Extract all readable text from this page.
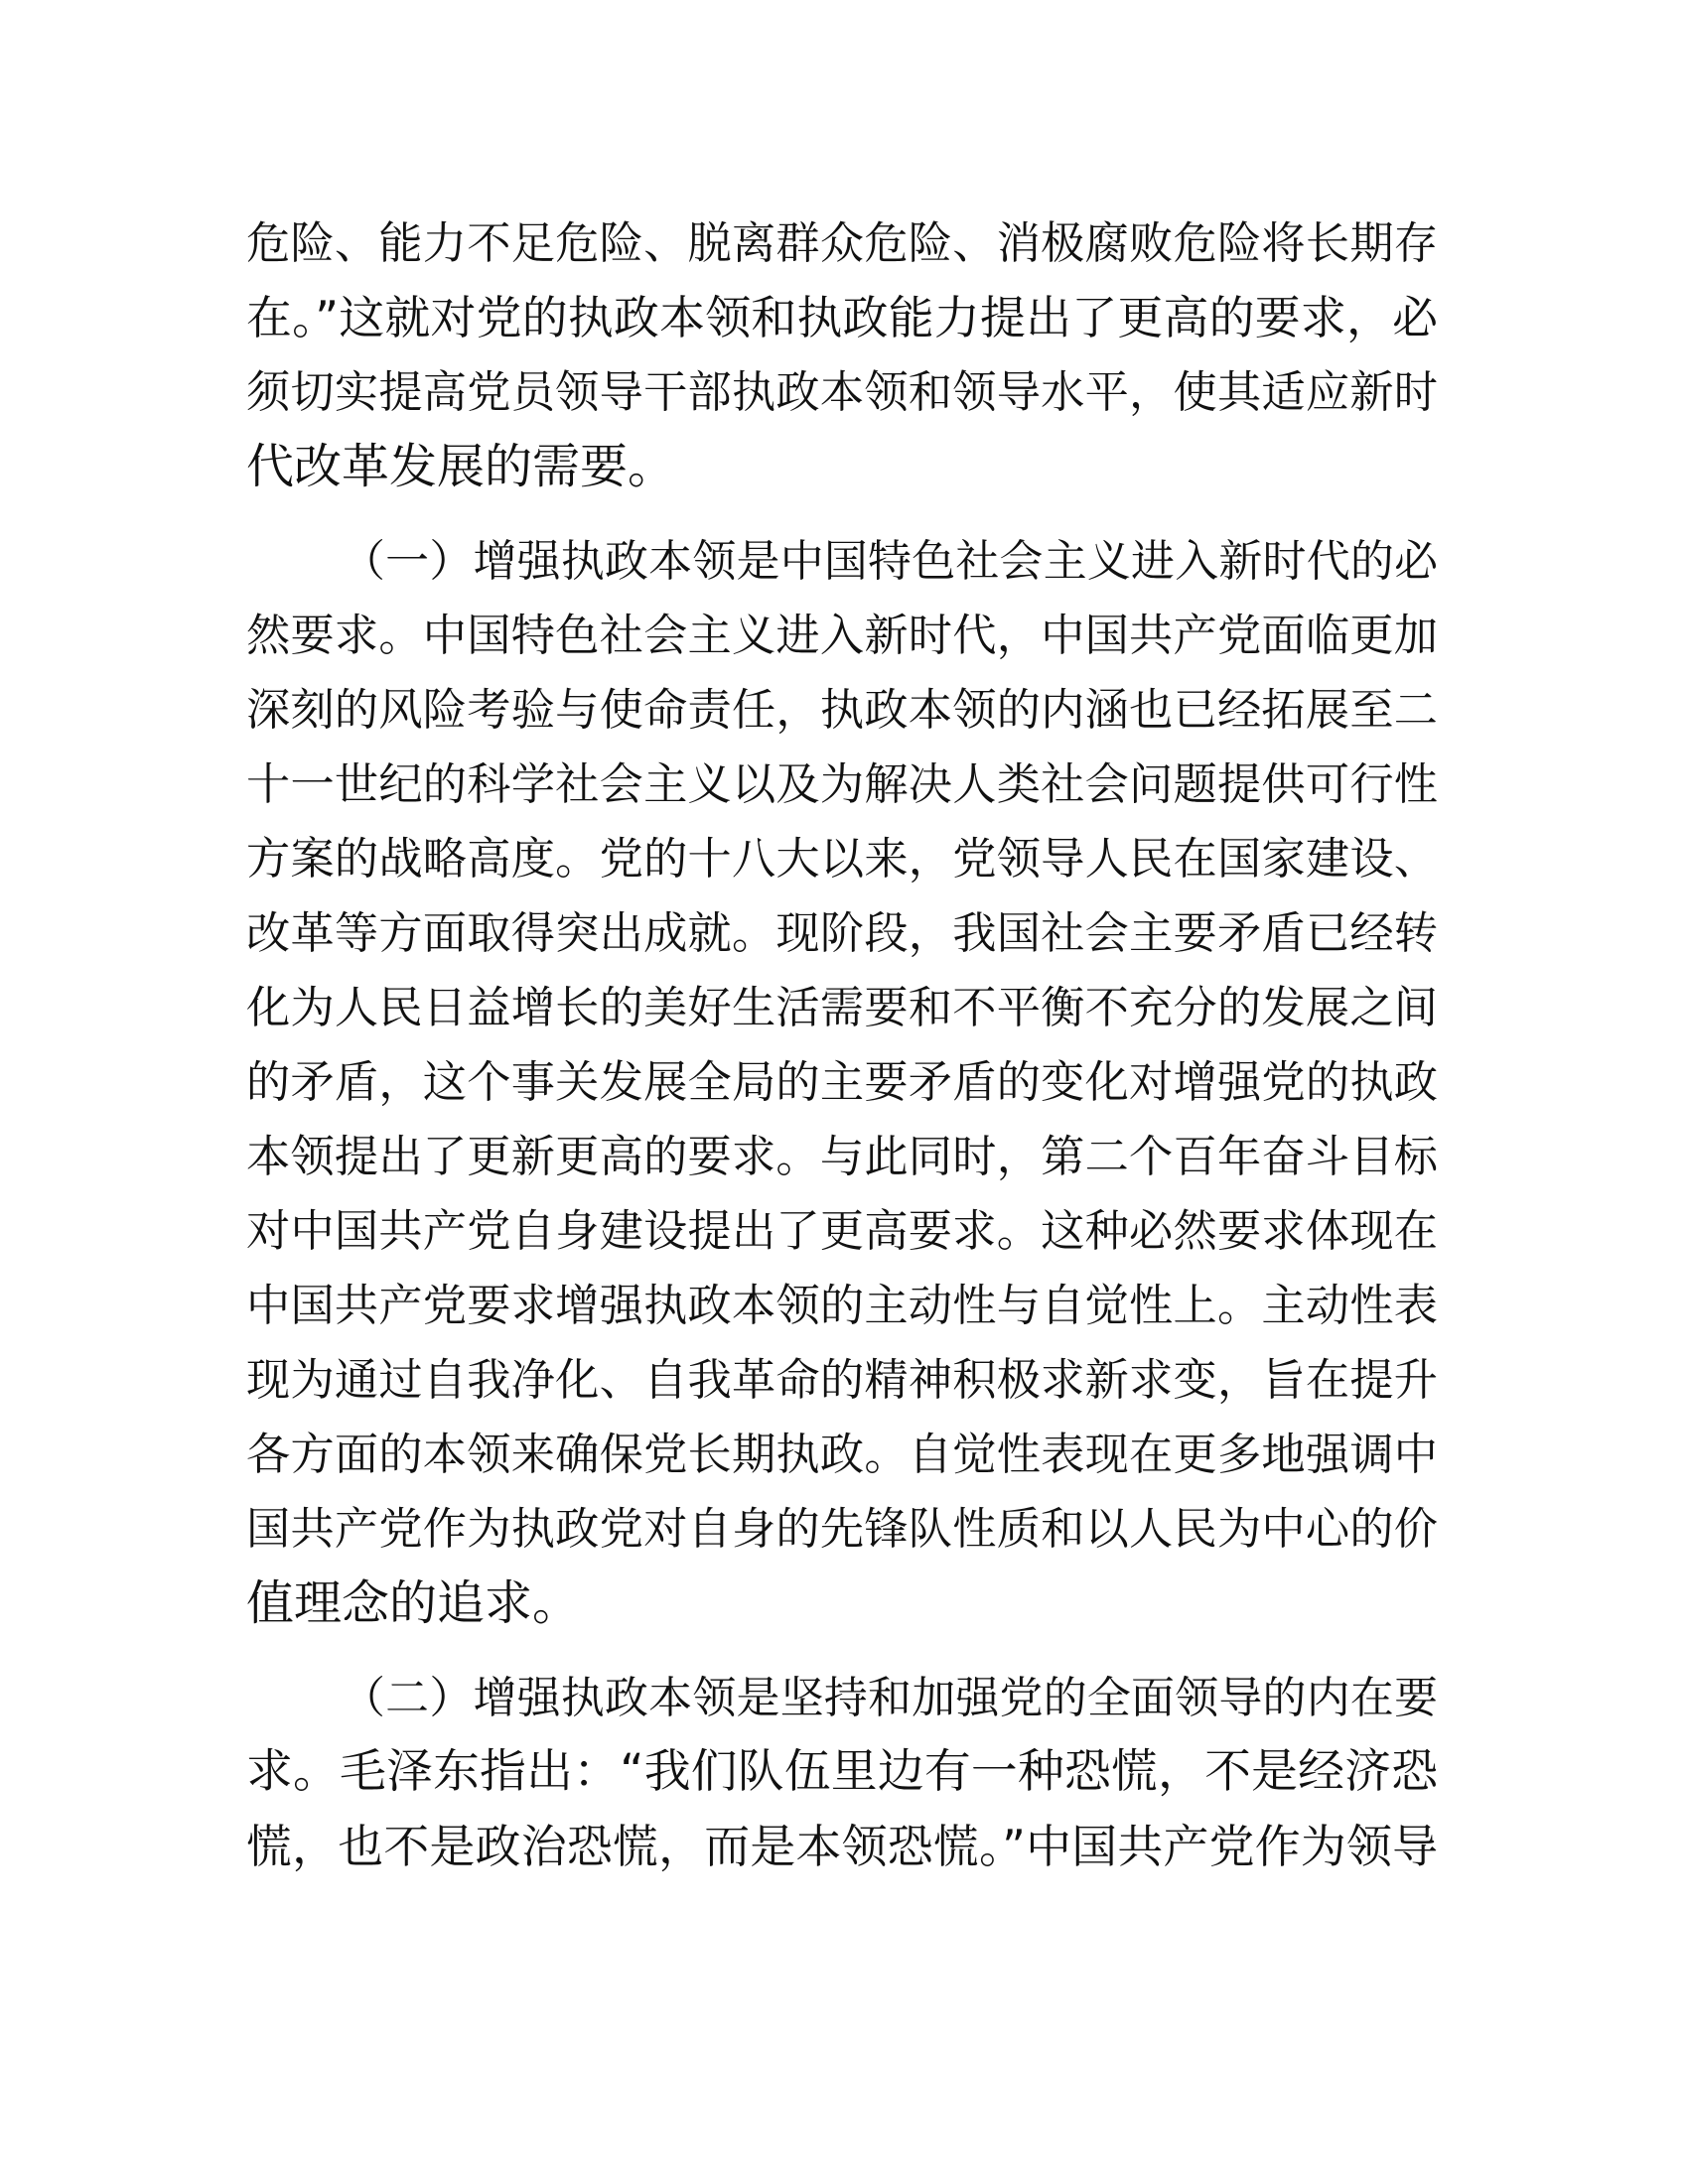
危险、能力不足危险、脱离群众危险、消极腐败危险将长期存
在。”这就对党的执政本领和执政能力提出了更高的要求，必
须切实提高党员领导干部执政本领和领导水平，使其适应新时
代改革发展的需要。
（一）增强执政本领是中国特色社会主义进入新时代的必
然要求。中国特色社会主义进入新时代，中国共产党面临更加
深刻的风险考验与使命责任，执政本领的内涵也已经拓展至二
十一世纪的科学社会主义以及为解决人类社会问题提供可行性
方案的战略高度。党的十八大以来，党领导人民在国家建设、
改革等方面取得突出成就。现阶段，我国社会主要矛盾已经转
化为人民日益增长的美好生活需要和不平衡不充分的发展之间
的矛盾，这个事关发展全局的主要矛盾的变化对增强党的执政
本领提出了更新更高的要求。与此同时，第二个百年奋斗目标
对中国共产党自身建设提出了更高要求。这种必然要求体现在
中国共产党要求增强执政本领的主动性与自觉性上。主动性表
现为通过自我净化、自我革命的精神积极求新求变，旨在提升
各方面的本领来确保党长期执政。自觉性表现在更多地强调中
国共产党作为执政党对自身的先锋队性质和以人民为中心的价
值理念的追求。
（二）增强执政本领是坚持和加强党的全面领导的内在要
求。毛泽东指出：“我们队伍里边有一种恐慌，不是经济恐
慌，也不是政治恐慌，而是本领恐慌。”中国共产党作为领导
